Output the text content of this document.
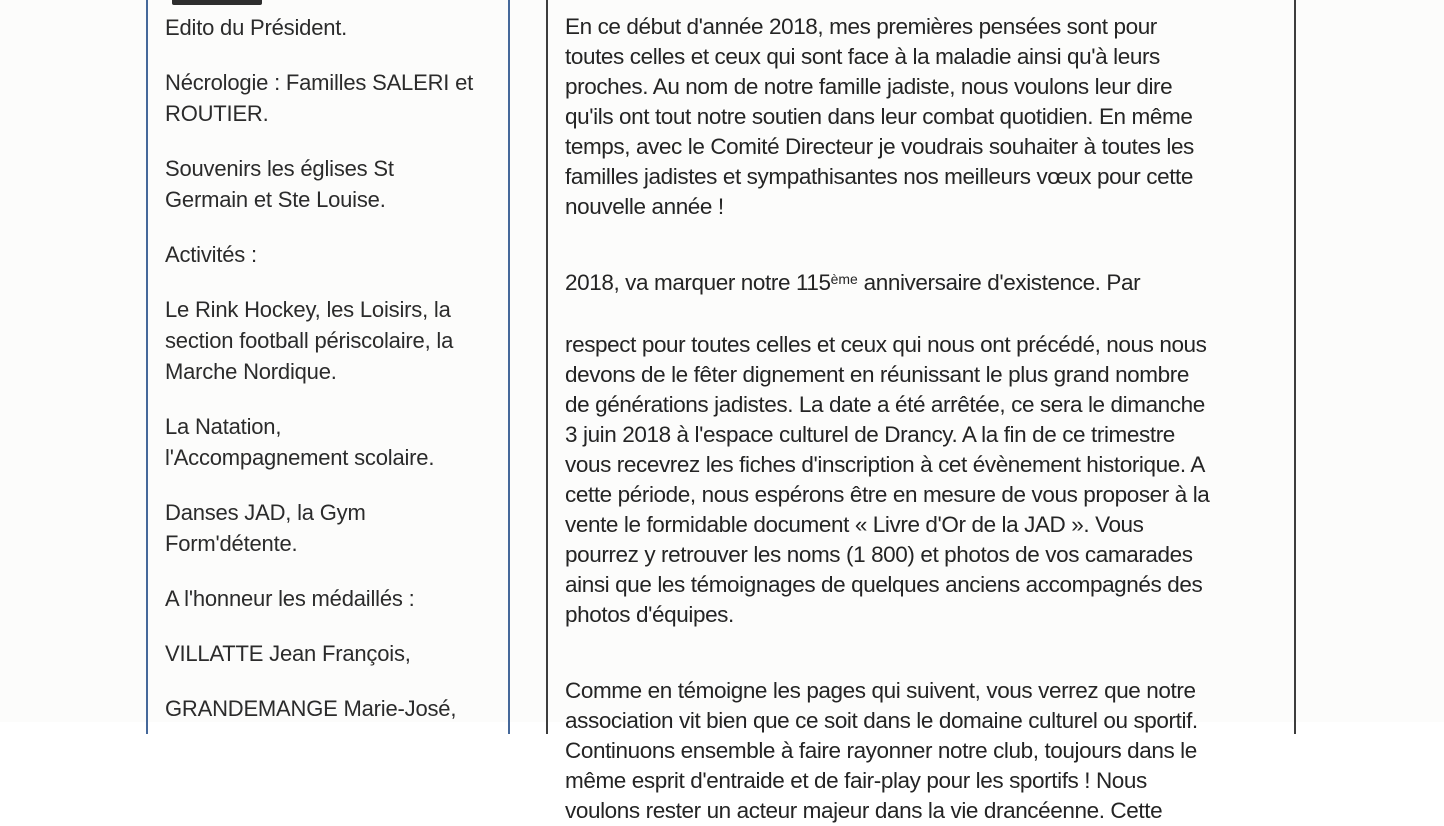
Edito du Président.
Nécrologie : Familles SALERI et
ROUTIER.
Souvenirs les églises St
Germain et Ste Louise.
Activités :
Le Rink Hockey, les Loisirs, la
section football périscolaire, la
Marche Nordique.
La Natation,
l'Accompagnement scolaire.
Danses JAD, la Gym
Form'détente.
A l'honneur les médaillés :
VILLATTE Jean François,
GRANDEMANGE Marie-José,

En ce début d'année 2018, mes premières pensées sont pour
toutes celles et ceux qui sont face à la maladie ainsi qu'à leurs
proches. Au nom de notre famille jadiste, nous voulons leur dire
qu'ils ont tout notre soutien dans leur combat quotidien. En même
temps, avec le Comité Directeur je voudrais souhaiter à toutes les
familles jadistes et sympathisantes nos meilleurs vœux pour cette
nouvelle année !

2018, va marquer notre 115ème anniversaire d'existence. Par

respect pour toutes celles et ceux qui nous ont précédé, nous nous
devons de le fêter dignement en réunissant le plus grand nombre
de générations jadistes. La date a été arrêtée, ce sera le dimanche
3 juin 2018 à l'espace culturel de Drancy. A la fin de ce trimestre
vous recevrez les fiches d'inscription à cet évènement historique. A
cette période, nous espérons être en mesure de vous proposer à la
vente le formidable document « Livre d'Or de la JAD ». Vous
pourrez y retrouver les noms (1 800) et photos de vos camarades
ainsi que les témoignages de quelques anciens accompagnés des
photos d'équipes.

Comme en témoigne les pages qui suivent, vous verrez que notre
association vit bien que ce soit dans le domaine culturel ou sportif.
Continuons ensemble à faire rayonner notre club, toujours dans le
même esprit d'entraide et de fair-play pour les sportifs ! Nous
voulons rester un acteur majeur dans la vie drancéenne. Cette
